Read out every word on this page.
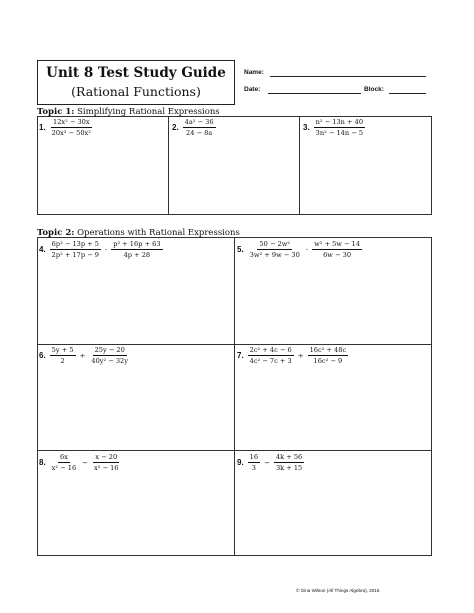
Unit 8 Test Study Guide
(Rational Functions)
Name:
Date:	Block:
Topic 1: Simplifying Rational Expressions
1. $\frac{\text{12x² − 30x}}{\text{20x³ − 50x²}}$	2. $\frac{\text{4a² − 36}}{24 - 8a}$	3. $\frac{\text{n² − 13n + 40}}{\text{3n² − 14n − 5}}$
Topic 2: Operations with Rational Expressions
4. $\frac{\text{6p² − 13p + 5}}{\text{2p² + 17p − 9}} \cdot \frac{\text{p² + 16p + 63}}{4p + 28}$	5. $\frac{\text{50 − 2w²}}{\text{3w² + 9w − 30}} \cdot \frac{\text{w² + 5w − 14}}{6w - 30}$
6. $\frac{5y + 5}{2} \div \frac{25y - 20}{\text{40y² − 32y}}$	7. $\frac{\text{2c² + 4c − 6}}{\text{4c² − 7c + 3}} \div \frac{\text{16c² + 48c}}{\text{16c² − 9}}$
8. $\frac{6x}{\text{x² − 16}} - \frac{x - 20}{\text{x² − 16}}$	9. $\frac{16}{3} - \frac{4k + 56}{3k + 15}$
© Gina Wilson (All Things Algebra), 2015
